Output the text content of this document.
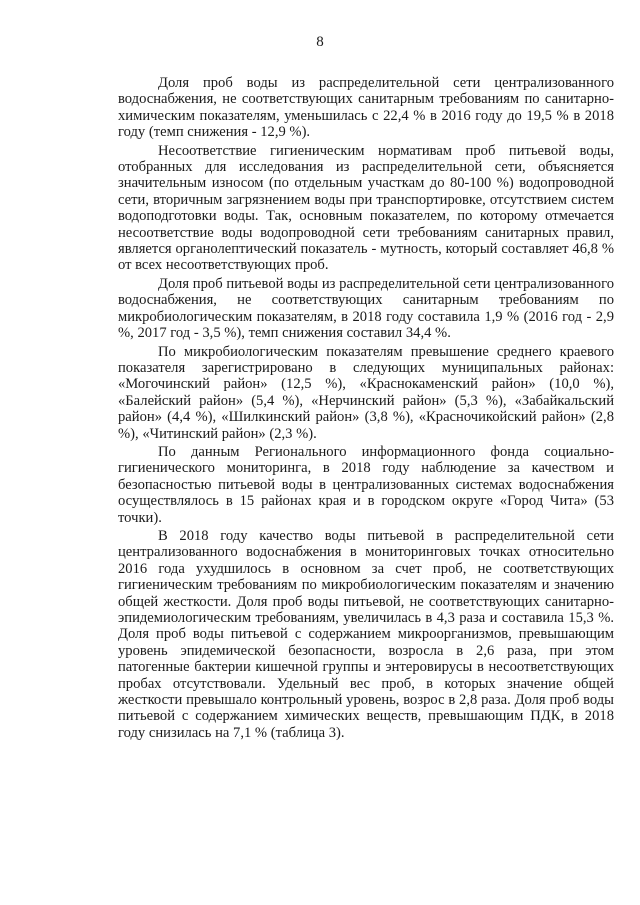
8

Доля проб воды из распределительной сети централизованного водоснабжения, не соответствующих санитарным требованиям по санитарно-химическим показателям, уменьшилась с 22,4 % в 2016 году до 19,5 % в 2018 году (темп снижения - 12,9 %).

Несоответствие гигиеническим нормативам проб питьевой воды, отобранных для исследования из распределительной сети, объясняется значительным износом (по отдельным участкам до 80-100 %) водопроводной сети, вторичным загрязнением воды при транспортировке, отсутствием систем водоподготовки воды. Так, основным показателем, по которому отмечается несоответствие воды водопроводной сети требованиям санитарных правил, является органолептический показатель - мутность, который составляет 46,8 % от всех несоответствующих проб.

Доля проб питьевой воды из распределительной сети централизованного водоснабжения, не соответствующих санитарным требованиям по микробиологическим показателям, в 2018 году составила 1,9 % (2016 год - 2,9 %, 2017 год - 3,5 %), темп снижения составил 34,4 %.

По микробиологическим показателям превышение среднего краевого показателя зарегистрировано в следующих муниципальных районах: «Могочинский район» (12,5 %), «Краснокаменский район» (10,0 %), «Балейский район» (5,4 %), «Нерчинский район» (5,3 %), «Забайкальский район» (4,4 %), «Шилкинский район» (3,8 %), «Красночикойский район» (2,8 %), «Читинский район» (2,3 %).

По данным Регионального информационного фонда социально-гигиенического мониторинга, в 2018 году наблюдение за качеством и безопасностью питьевой воды в централизованных системах водоснабжения осуществлялось в 15 районах края и в городском округе «Город Чита» (53 точки).

В 2018 году качество воды питьевой в распределительной сети централизованного водоснабжения в мониторинговых точках относительно 2016 года ухудшилось в основном за счет проб, не соответствующих гигиеническим требованиям по микробиологическим показателям и значению общей жесткости. Доля проб воды питьевой, не соответствующих санитарно-эпидемиологическим требованиям, увеличилась в 4,3 раза и составила 15,3 %. Доля проб воды питьевой с содержанием микроорганизмов, превышающим уровень эпидемической безопасности, возросла в 2,6 раза, при этом патогенные бактерии кишечной группы и энтеровирусы в несоответствующих пробах отсутствовали. Удельный вес проб, в которых значение общей жесткости превышало контрольный уровень, возрос в 2,8 раза. Доля проб воды питьевой с содержанием химических веществ, превышающим ПДК, в 2018 году снизилась на 7,1 % (таблица 3).
